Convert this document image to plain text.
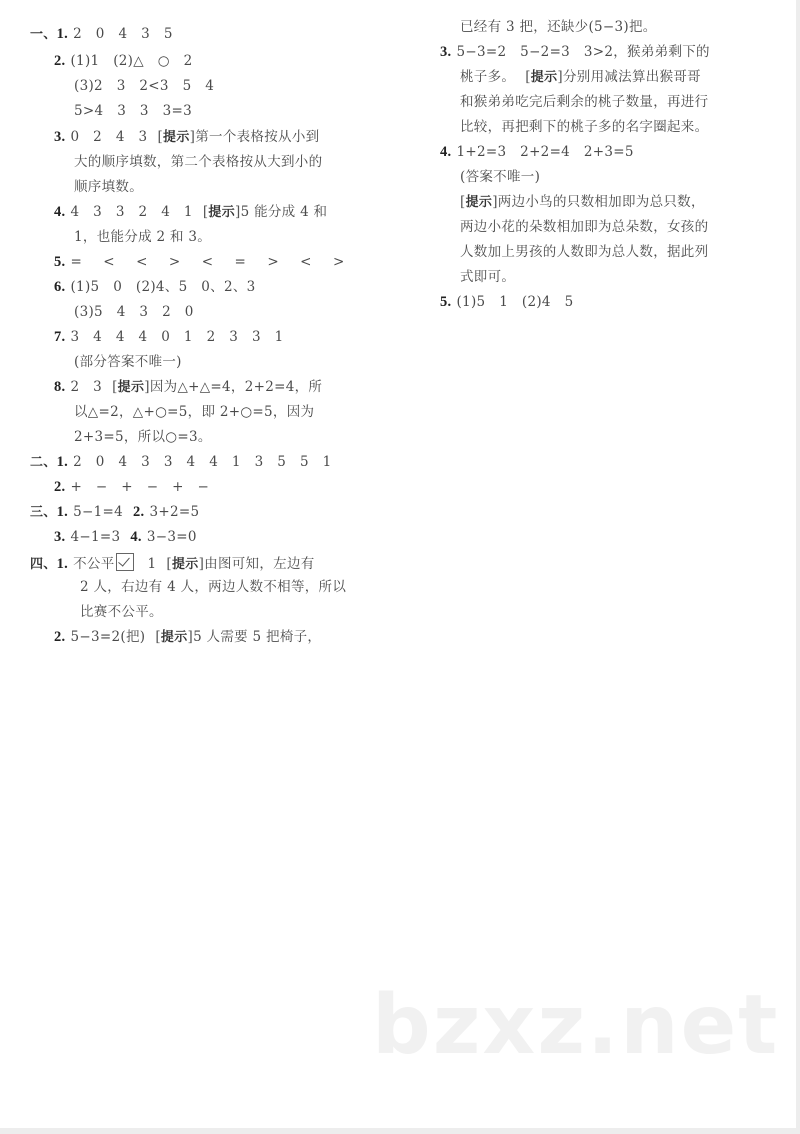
一、1. 2　0　4　3　5
2. (1)1　(2)△　○　2
(3)2　3　2<3　5　4
5>4　3　3　3=3
3. 0　2　4　3 [提示]第一个表格按从小到
大的顺序填数，第二个表格按从大到小的
顺序填数。
4. 4　3　3　2　4　1 [提示]5 能分成 4 和
1，也能分成 2 和 3。
5. =　<　<　>　<　=　>　<　>
6. (1)5　0　(2)4、5　0、2、3
(3)5　4　3　2　0
7. 3　4　4　4　0　1　2　3　3　1
(部分答案不唯一)
8. 2　3 [提示]因为△+△=4，2+2=4，所
以△=2，△+○=5，即 2+○=5，因为
2+3=5，所以○=3。
二、1. 2　0　4　3　3　4　4　1　3　5　5　1
2. +　−　+　−　+　−
三、1. 5−1=4 2. 3+2=5
3. 4−1=3 4. 3−3=0
四、1. 不公平 1 [提示]由图可知，左边有
2 人，右边有 4 人，两边人数不相等，所以
比赛不公平。
2. 5−3=2(把) [提示]5 人需要 5 把椅子，
已经有 3 把，还缺少(5−3)把。
3. 5−3=2　5−2=3　3>2，猴弟弟剩下的
桃子多。 [提示]分别用减法算出猴哥哥
和猴弟弟吃完后剩余的桃子数量，再进行
比较，再把剩下的桃子多的名字圈起来。
4. 1+2=3　2+2=4　2+3=5
(答案不唯一)
[提示]两边小鸟的只数相加即为总只数，
两边小花的朵数相加即为总朵数，女孩的
人数加上男孩的人数即为总人数，据此列
式即可。
5. (1)5　1　(2)4　5
bzxz.net
